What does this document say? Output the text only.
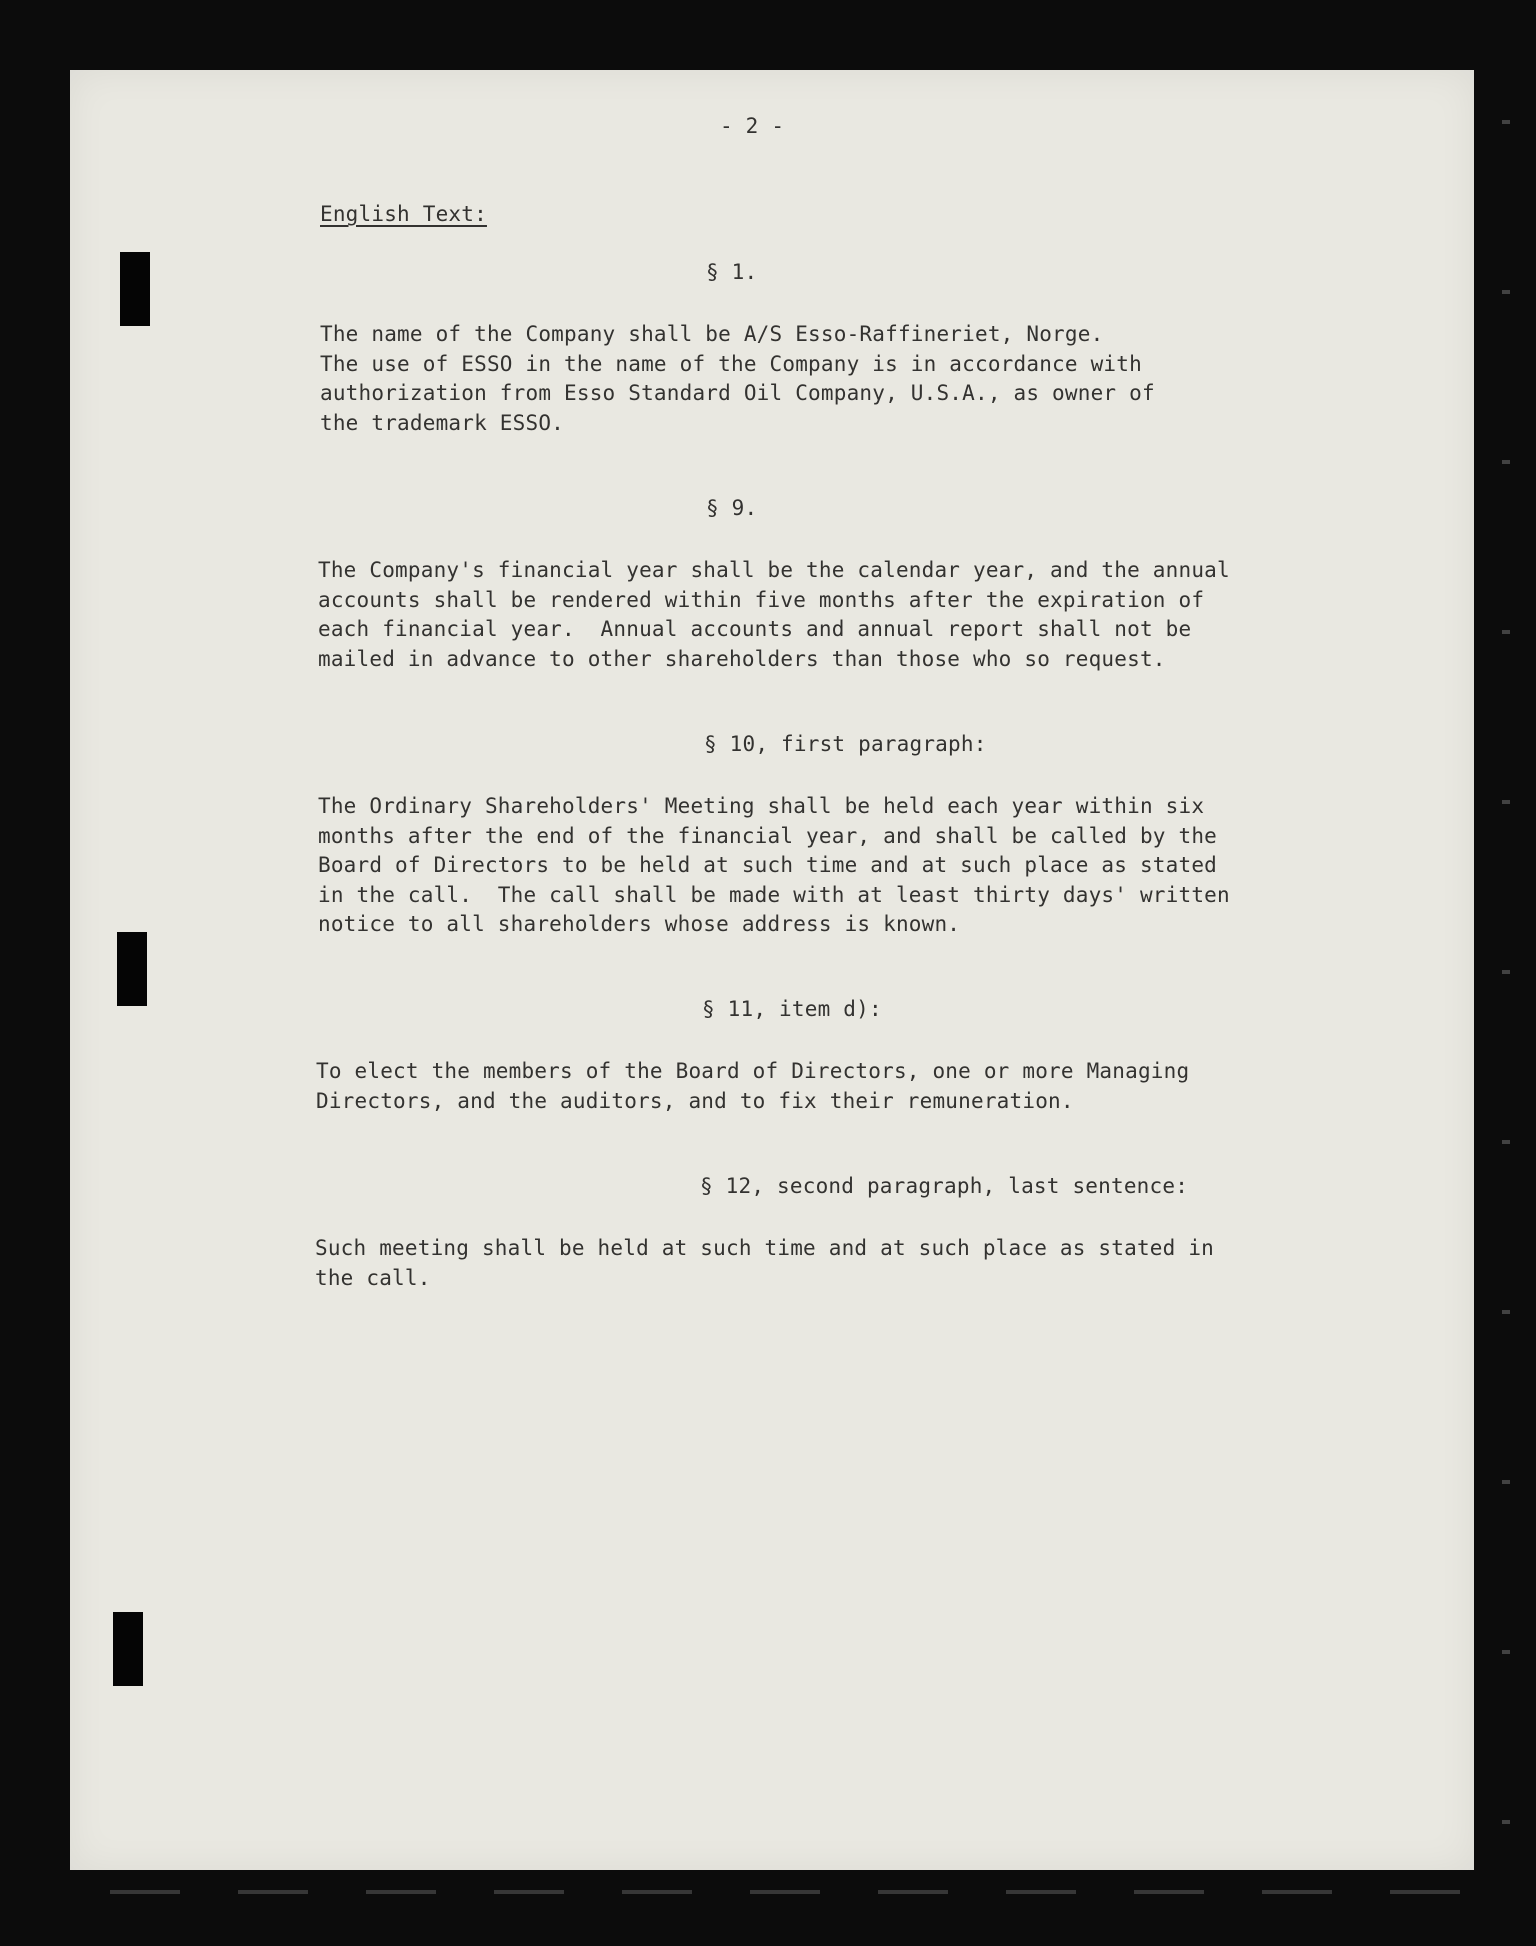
- 2 -
English Text:
§ 1.
The name of the Company shall be A/S Esso-Raffineriet, Norge.
The use of ESSO in the name of the Company is in accordance with
authorization from Esso Standard Oil Company, U.S.A., as owner of
the trademark ESSO.
§ 9.
The Company's financial year shall be the calendar year, and the annual
accounts shall be rendered within five months after the expiration of
each financial year.  Annual accounts and annual report shall not be
mailed in advance to other shareholders than those who so request.
§ 10, first paragraph:
The Ordinary Shareholders' Meeting shall be held each year within six
months after the end of the financial year, and shall be called by the
Board of Directors to be held at such time and at such place as stated
in the call.  The call shall be made with at least thirty days' written
notice to all shareholders whose address is known.
§ 11, item d):
To elect the members of the Board of Directors, one or more Managing
Directors, and the auditors, and to fix their remuneration.
§ 12, second paragraph, last sentence:
Such meeting shall be held at such time and at such place as stated in
the call.
